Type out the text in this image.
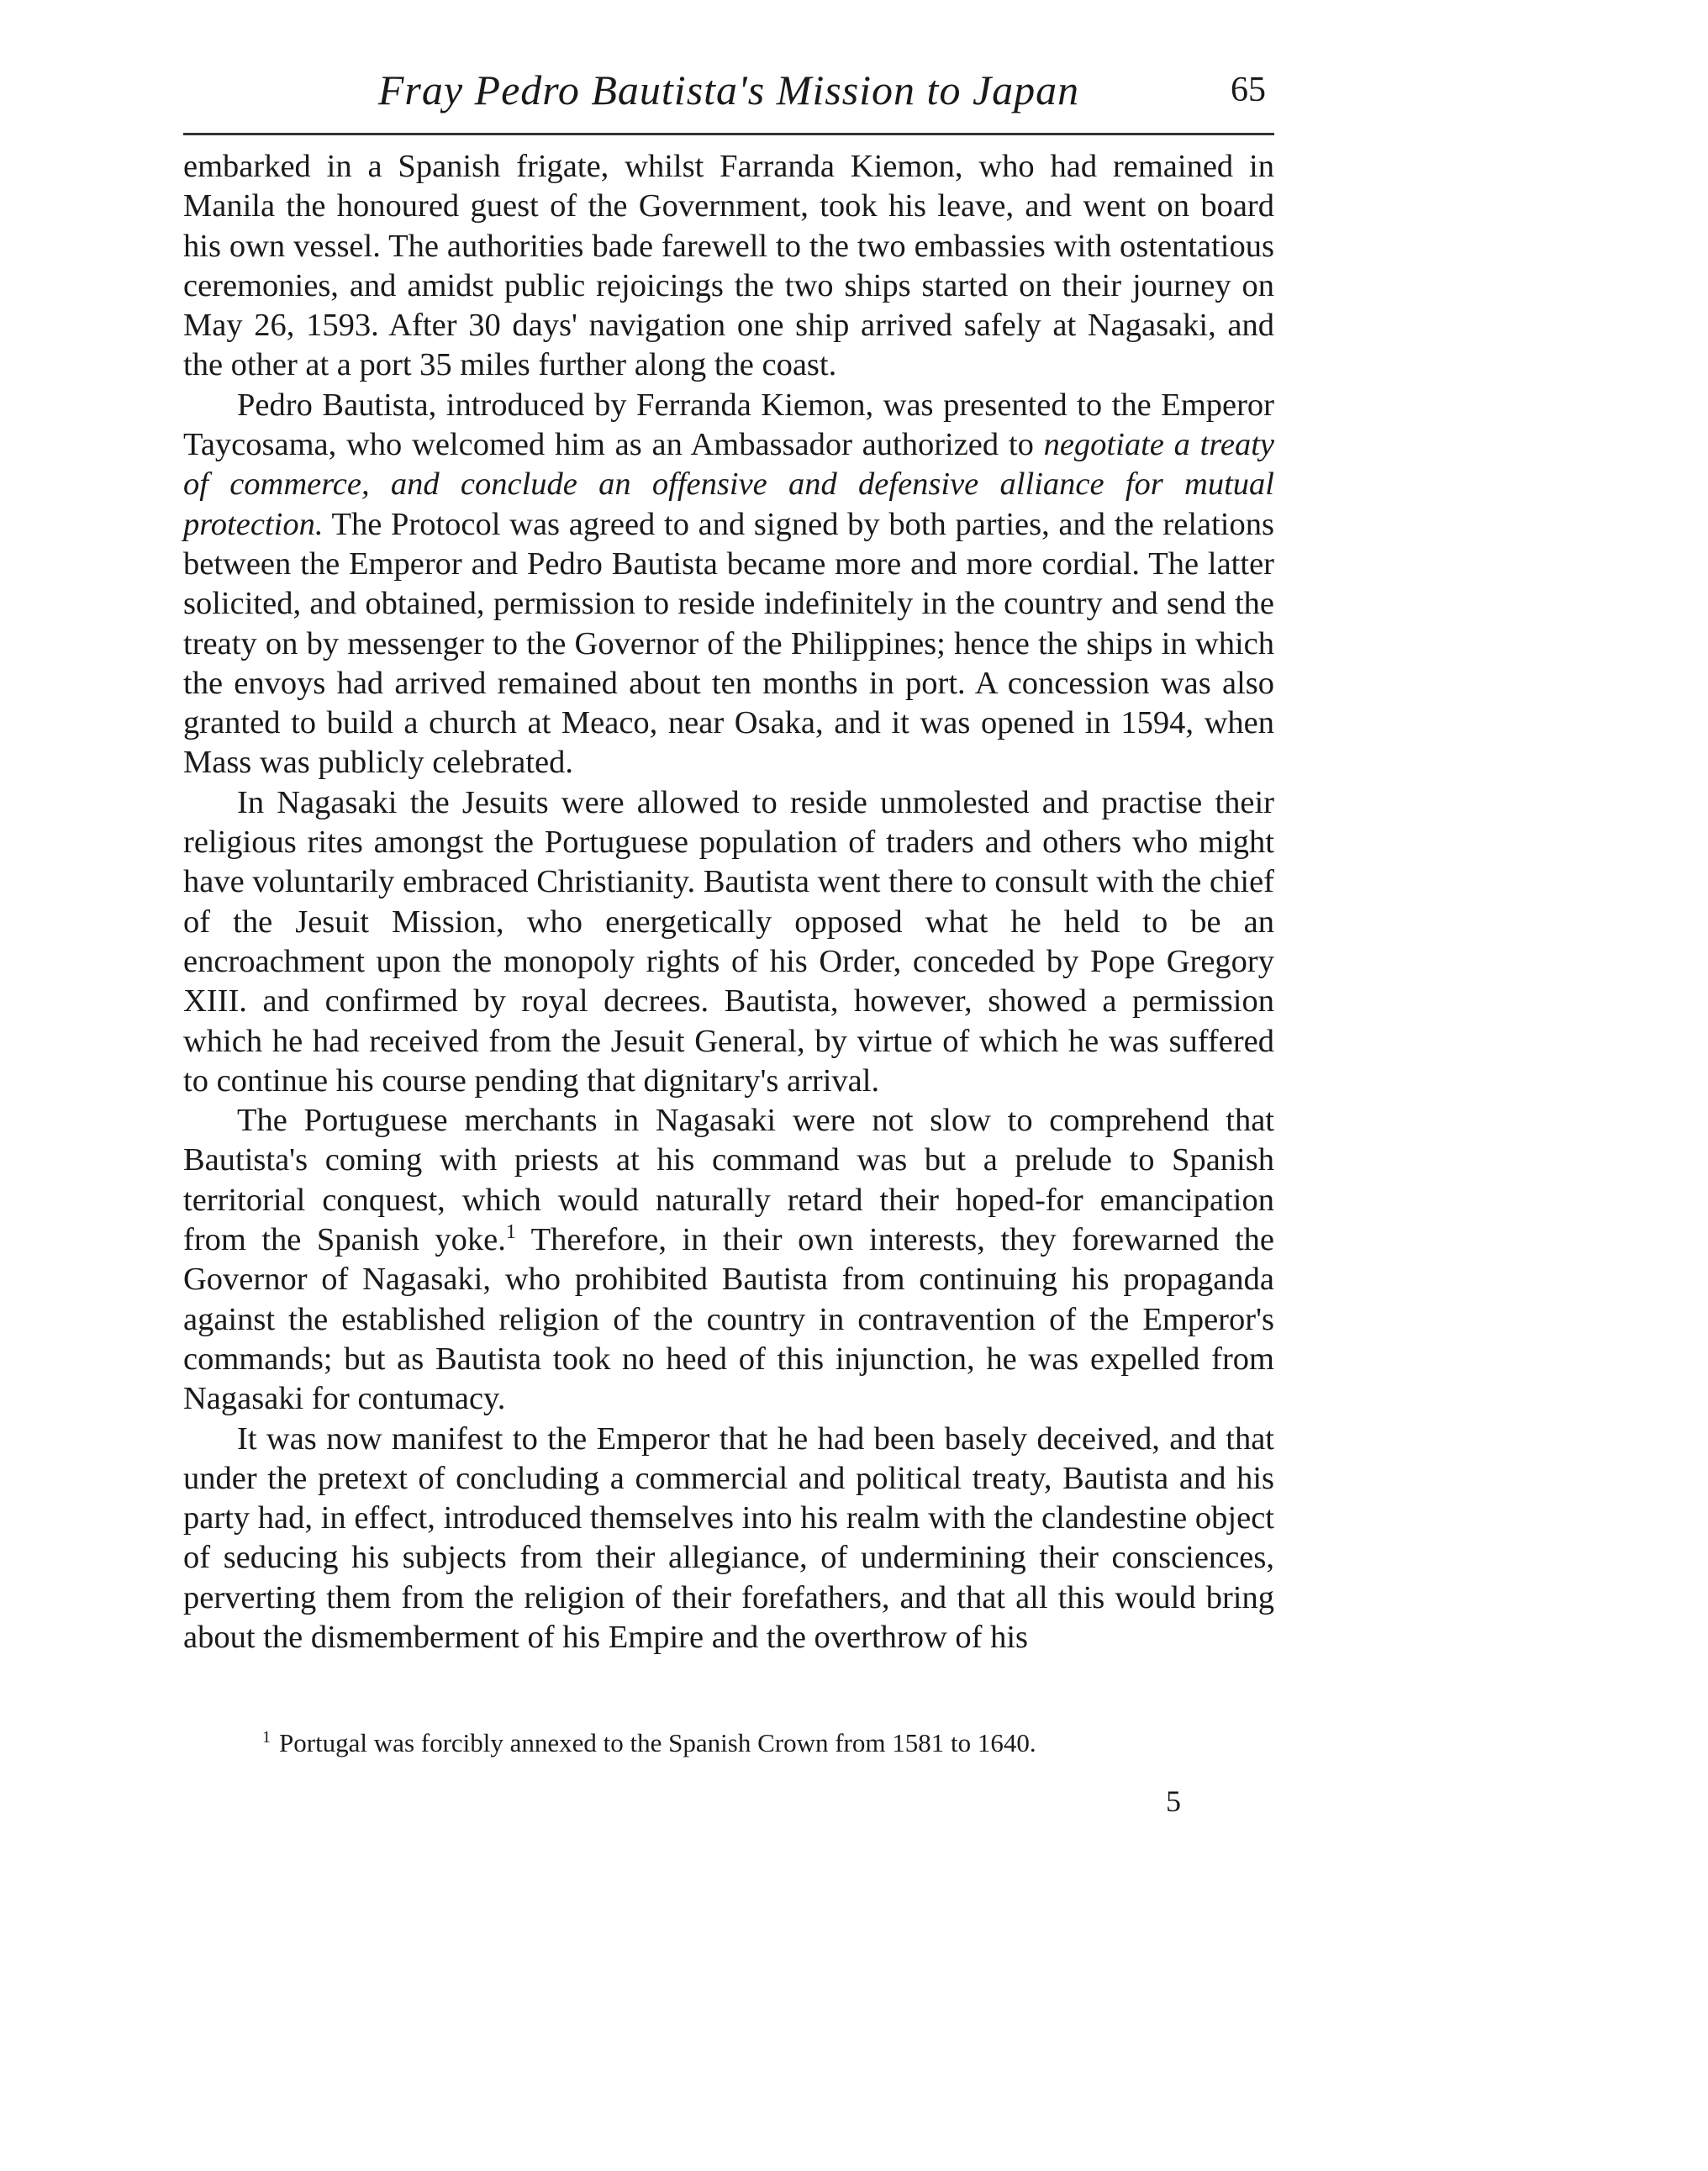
Fray Pedro Bautista's Mission to Japan	65

embarked in a Spanish frigate, whilst Farranda Kiemon, who had remained in Manila the honoured guest of the Government, took his leave, and went on board his own vessel. The authorities bade farewell to the two embassies with ostentatious ceremonies, and amidst public rejoicings the two ships started on their journey on May 26, 1593. After 30 days' navigation one ship arrived safely at Nagasaki, and the other at a port 35 miles further along the coast.

Pedro Bautista, introduced by Ferranda Kiemon, was presented to the Emperor Taycosama, who welcomed him as an Ambassador authorized to negotiate a treaty of commerce, and conclude an offensive and defensive alliance for mutual protection. The Protocol was agreed to and signed by both parties, and the relations between the Emperor and Pedro Bautista became more and more cordial. The latter solicited, and obtained, permission to reside indefinitely in the country and send the treaty on by messenger to the Governor of the Philippines; hence the ships in which the envoys had arrived remained about ten months in port. A concession was also granted to build a church at Meaco, near Osaka, and it was opened in 1594, when Mass was publicly celebrated.

In Nagasaki the Jesuits were allowed to reside unmolested and practise their religious rites amongst the Portuguese population of traders and others who might have voluntarily embraced Christianity. Bautista went there to consult with the chief of the Jesuit Mission, who energetically opposed what he held to be an encroachment upon the monopoly rights of his Order, conceded by Pope Gregory XIII. and confirmed by royal decrees. Bautista, however, showed a permission which he had received from the Jesuit General, by virtue of which he was suffered to continue his course pending that dignitary's arrival.

The Portuguese merchants in Nagasaki were not slow to comprehend that Bautista's coming with priests at his command was but a prelude to Spanish territorial conquest, which would naturally retard their hoped-for emancipation from the Spanish yoke.$^1$ Therefore, in their own interests, they forewarned the Governor of Nagasaki, who prohibited Bautista from continuing his propaganda against the established religion of the country in contravention of the Emperor's commands; but as Bautista took no heed of this injunction, he was expelled from Nagasaki for contumacy.

It was now manifest to the Emperor that he had been basely deceived, and that under the pretext of concluding a commercial and political treaty, Bautista and his party had, in effect, introduced themselves into his realm with the clandestine object of seducing his subjects from their allegiance, of undermining their consciences, perverting them from the religion of their forefathers, and that all this would bring about the dismemberment of his Empire and the overthrow of his

$^1$ Portugal was forcibly annexed to the Spanish Crown from 1581 to 1640.
5
